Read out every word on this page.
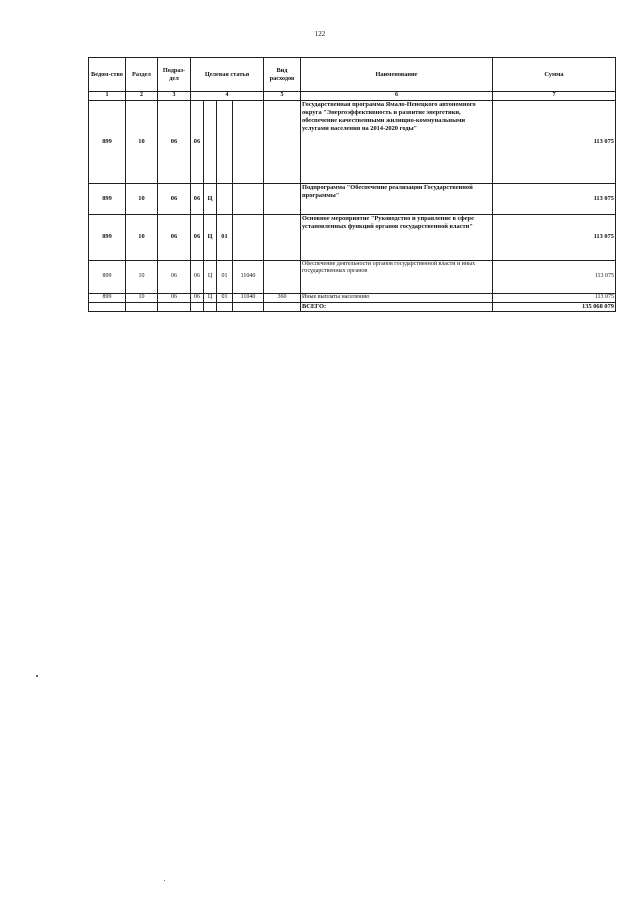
122
Ведом-ство	Раздел	Подраз-дел	Целевая статья				Вид расходов	Наименование	Сумма
1	2	3	4				5	6	7
899	10	06	06					Государственная программа Ямало-Ненецкого автономного округа "Энергоэффективность и развитие энергетики, обеспечение качественными жилищно-коммунальными услугами населения на 2014-2020 годы"	113 075
899	10	06	06	Ц				Подпрограмма "Обеспечение реализации Государственной программы"	113 075
899	10	06	06	Ц	01			Основное мероприятие "Руководство и управление в сфере установленных функций органов государственной власти"	113 075
899	10	06	06	Ц	01	11040		Обеспечение деятельности органов государственной власти и иных государственных органов	113 075
899	10	06	06	Ц	01	11040	360	Иные выплаты населению	113 075
								ВСЕГО:	135 068 079
